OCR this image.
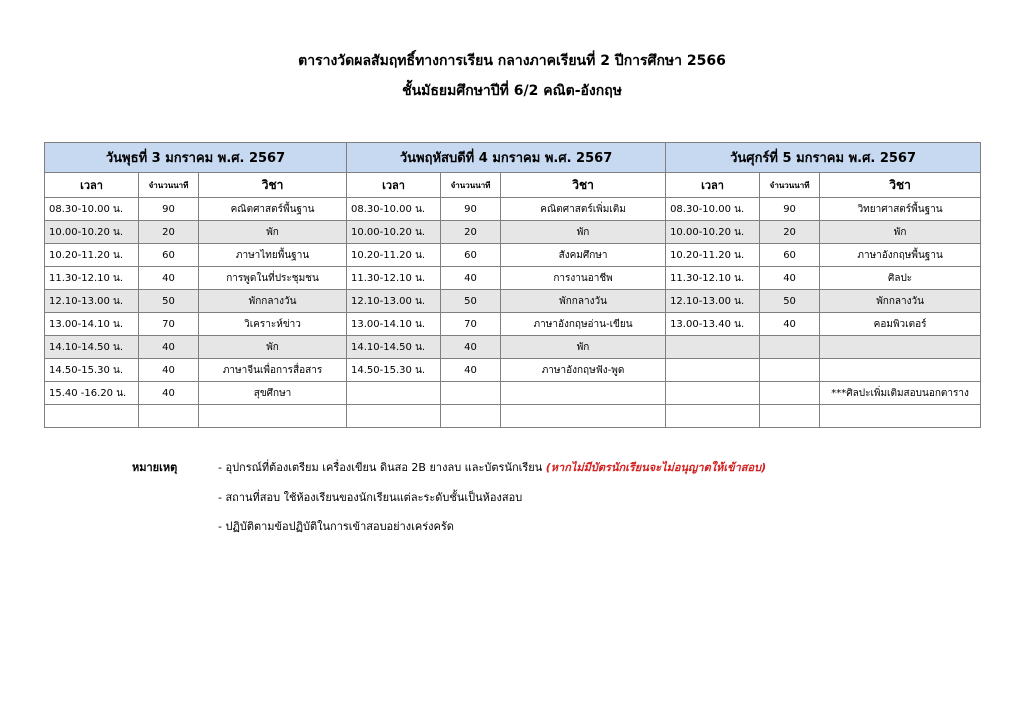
ตารางวัดผลสัมฤทธิ์ทางการเรียน กลางภาคเรียนที่ 2 ปีการศึกษา 2566
ชั้นมัธยมศึกษาปีที่ 6/2 คณิต-อังกฤษ
วันพุธที่ 3 มกราคม พ.ศ. 2567			วันพฤหัสบดีที่ 4 มกราคม พ.ศ. 2567			วันศุกร์ที่ 5 มกราคม พ.ศ. 2567		
เวลา	จำนวนนาที	วิชา	เวลา	จำนวนนาที	วิชา	เวลา	จำนวนนาที	วิชา
08.30-10.00 น.	90	คณิตศาสตร์พื้นฐาน	08.30-10.00 น.	90	คณิตศาสตร์เพิ่มเติม	08.30-10.00 น.	90	วิทยาศาสตร์พื้นฐาน
10.00-10.20 น.	20	พัก	10.00-10.20 น.	20	พัก	10.00-10.20 น.	20	พัก
10.20-11.20 น.	60	ภาษาไทยพื้นฐาน	10.20-11.20 น.	60	สังคมศึกษา	10.20-11.20 น.	60	ภาษาอังกฤษพื้นฐาน
11.30-12.10 น.	40	การพูดในที่ประชุมชน	11.30-12.10 น.	40	การงานอาชีพ	11.30-12.10 น.	40	ศิลปะ
12.10-13.00 น.	50	พักกลางวัน	12.10-13.00 น.	50	พักกลางวัน	12.10-13.00 น.	50	พักกลางวัน
13.00-14.10 น.	70	วิเคราะห์ข่าว	13.00-14.10 น.	70	ภาษาอังกฤษอ่าน-เขียน	13.00-13.40 น.	40	คอมพิวเตอร์
14.10-14.50 น.	40	พัก	14.10-14.50 น.	40	พัก			
14.50-15.30 น.	40	ภาษาจีนเพื่อการสื่อสาร	14.50-15.30 น.	40	ภาษาอังกฤษฟัง-พูด			
15.40 -16.20 น.	40	สุขศึกษา						***ศิลปะเพิ่มเติมสอบนอกตาราง

หมายเหตุ	- อุปกรณ์ที่ต้องเตรียม เครื่องเขียน ดินสอ 2B ยางลบ และบัตรนักเรียน (หากไม่มีบัตรนักเรียนจะไม่อนุญาตให้เข้าสอบ)
- สถานที่สอบ ใช้ห้องเรียนของนักเรียนแต่ละระดับชั้นเป็นห้องสอบ
- ปฏิบัติตามข้อปฏิบัติในการเข้าสอบอย่างเคร่งครัด
